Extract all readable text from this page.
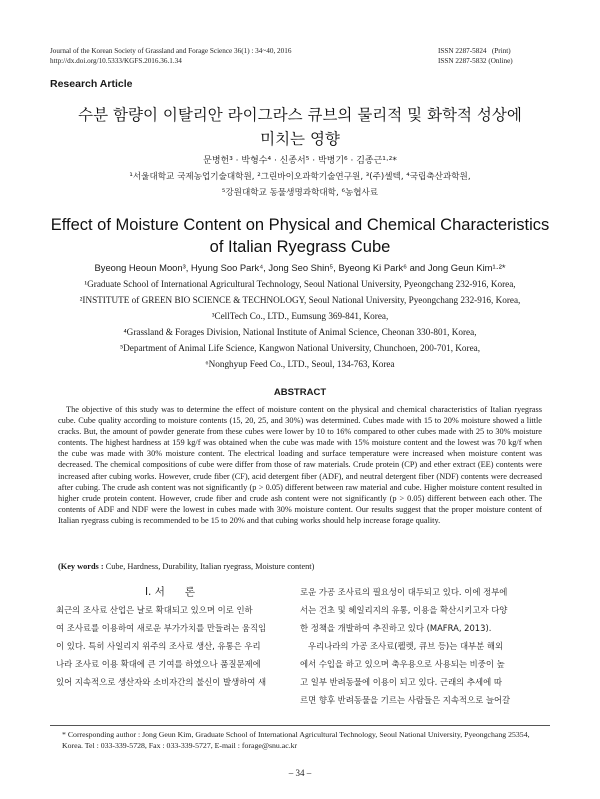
Journal of the Korean Society of Grassland and Forage Science 36(1) : 34~40, 2016
http://dx.doi.org/10.5333/KGFS.2016.36.1.34
ISSN 2287-5824   (Print)
ISSN 2287-5832 (Online)
Research Article
수분 함량이 이탈리안 라이그라스 큐브의 물리적 및 화학적 성상에
미치는 영향
문병헌³ · 박형수⁴ · 신종서⁵ · 박병기⁶ · 김종근¹·²*
¹서울대학교 국제농업기술대학원, ²그린바이오과학기술연구원, ³(주)셀텍, ⁴국립축산과학원,
⁵강원대학교 동물생명과학대학, ⁶농협사료
Effect of Moisture Content on Physical and Chemical Characteristics
of Italian Ryegrass Cube
Byeong Heoun Moon³, Hyung Soo Park⁴, Jong Seo Shin⁵, Byeong Ki Park⁶ and Jong Geun Kim¹·²*
¹Graduate School of International Agricultural Technology, Seoul National University, Pyeongchang 232-916, Korea,
²INSTITUTE of GREEN BIO SCIENCE & TECHNOLOGY, Seoul National University, Pyeongchang 232-916, Korea,
³CellTech Co., LTD., Eumsung 369-841, Korea,
⁴Grassland & Forages Division, National Institute of Animal Science, Cheonan 330-801, Korea,
⁵Department of Animal Life Science, Kangwon National University, Chunchoen, 200-701, Korea,
⁶Nonghyup Feed Co., LTD., Seoul, 134-763, Korea
ABSTRACT
The objective of this study was to determine the effect of moisture content on the physical and chemical characteristics of Italian ryegrass cube. Cube quality according to moisture contents (15, 20, 25, and 30%) was determined. Cubes made with 15 to 20% moisture showed a little cracks. But, the amount of powder generate from these cubes were lower by 10 to 16% compared to other cubes made with 25 to 30% moisture contents. The highest hardness at 159 kg/f was obtained when the cube was made with 15% moisture content and the lowest was 70 kg/f when the cube was made with 30% moisture content. The electrical loading and surface temperature were increased when moisture content was decreased. The chemical compositions of cube were differ from those of raw materials. Crude protein (CP) and ether extract (EE) contents were increased after cubing works. However, crude fiber (CF), acid detergent fiber (ADF), and neutral detergent fiber (NDF) contents were decreased after cubing. The crude ash content was not significantly (p > 0.05) different between raw material and cube. Higher moisture content resulted in higher crude protein content. However, crude fiber and crude ash content were not significantly (p > 0.05) different between each other. The contents of ADF and NDF were the lowest in cubes made with 30% moisture content. Our results suggest that the proper moisture content of Italian ryegrass cubing is recommended to be 15 to 20% and that cubing works should help increase forage quality.
(Key words : Cube, Hardness, Durability, Italian ryegrass, Moisture content)
Ⅰ. 서      론
최근의 조사료 산업은 날로 확대되고 있으며 이로 인하
여 조사료를 이용하여 새로운 부가가치를 만들려는 움직임
이 있다. 특히 사일리지 위주의 조사료 생산, 유통은 우리
나라 조사료 이용 확대에 큰 기여를 하였으나 품질문제에
있어 지속적으로 생산자와 소비자간의 불신이 발생하여 새
로운 가공 조사료의 필요성이 대두되고 있다. 이에 정부에
서는 건초 및 헤일리지의 유통, 이용을 확산시키고자 다양
한 정책을 개발하여 추진하고 있다 (MAFRA, 2013).
우리나라의 가공 조사료(펠렛, 큐브 등)는 대부분 해외
에서 수입을 하고 있으며 축우용으로 사용되는 비중이 높
고 일부 반려동물에 이용이 되고 있다. 근래의 추세에 따
르면 향후 반려동물을 기르는 사람들은 지속적으로 늘어갈
* Corresponding author : Jong Geun Kim, Graduate School of International Agricultural Technology, Seoul National University, Pyeongchang 25354, Korea. Tel : 033-339-5728, Fax : 033-339-5727, E-mail : forage@snu.ac.kr
– 34 –
